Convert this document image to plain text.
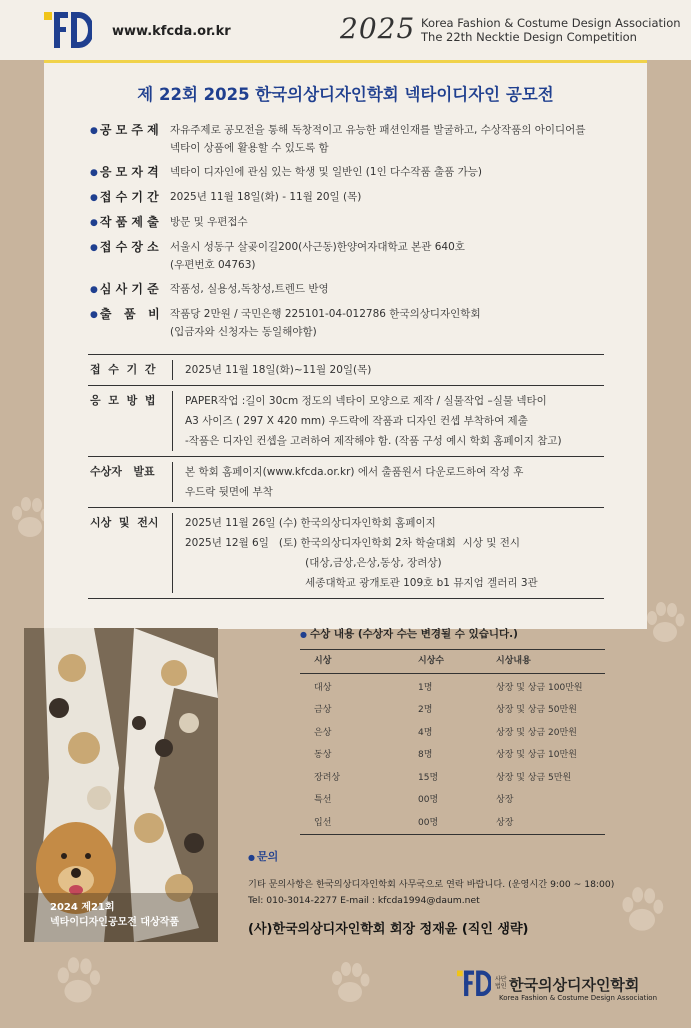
www.kfcda.or.kr	2025 Korea Fashion & Costume Design Association
The 22th Necktie Design Competition
제 22회 2025 한국의상디자인학회 넥타이디자인 공모전
● 공 모 주 제	자유주제로 공모전을 통해 독창적이고 유능한 패션인재를 발굴하고, 수상작품의 아이디어를
넥타이 상품에 활용할 수 있도록 함
● 응 모 자 격	넥타이 디자인에 관심 있는 학생 및 일반인 (1인 다수작품 출품 가능)
● 접 수 기 간	2025년 11월 18일(화) - 11월 20일 (목)
● 작 품 제 출	방문 및 우편접수
● 접 수 장 소	서울시 성동구 살곶이길200(사근동)한양여자대학교 본관 640호
(우편번호 04763)
● 심 사 기 준	작품성, 실용성,독창성,트렌드 반영
● 출   품   비 작품당 2만원 / 국민은행 225101-04-012786 한국의상디자인학회
(입금자와 신청자는 동일해야함)
접  수  기  간	2025년 11월 18일(화)~11월 20일(목)
응  모  방  법	PAPER작업 :길이 30cm 정도의 넥타이 모양으로 제작 / 실물작업 –실물 넥타이
A3 사이즈 ( 297 X 420 mm) 우드락에 작품과 디자인 컨셉 부착하여 제출
-작품은 디자인 컨셉을 고려하여 제작해야 함. (작품 구성 예시 학회 홈페이지 참고)
수상자   발표	본 학회 홈페이지(www.kfcda.or.kr) 에서 출품원서 다운로드하여 작성 후
우드락 뒷면에 부착
시상  및  전시	2025년 11월 26일 (수) 한국의상디자인학회 홈페이지
2025년 12월 6일   (토) 한국의상디자인학회 2차 학술대회  시상 및 전시
(대상,금상,은상,동상, 장려상)
세종대학교 광개토관 109호 b1 뮤지엄 겔러리 3관
2024 제21회
넥타이디자인공모전 대상작품
● 수상 내용 (수상자 수는 변경될 수 있습니다.)
시상	시상수	시상내용
대상	1명	상장 및 상금 100만원
금상	2명	상장 및 상금 50만원
은상	4명	상장 및 상금 20만원
동상	8명	상장 및 상금 10만원
장려상	15명	상장 및 상금 5만원
특선	00명	상장
입선	00명	상장
● 문의
기타 문의사항은 한국의상디자인학회 사무국으로 연락 바랍니다. (운영시간 9:00 ~ 18:00)
Tel: 010-3014-2277 E-mail : kfcda1994@daum.net
(사)한국의상디자인학회 회장 정재윤 (직인 생략)
사단
법인 한국의상디자인학회
Korea Fashion & Costume Design Association
